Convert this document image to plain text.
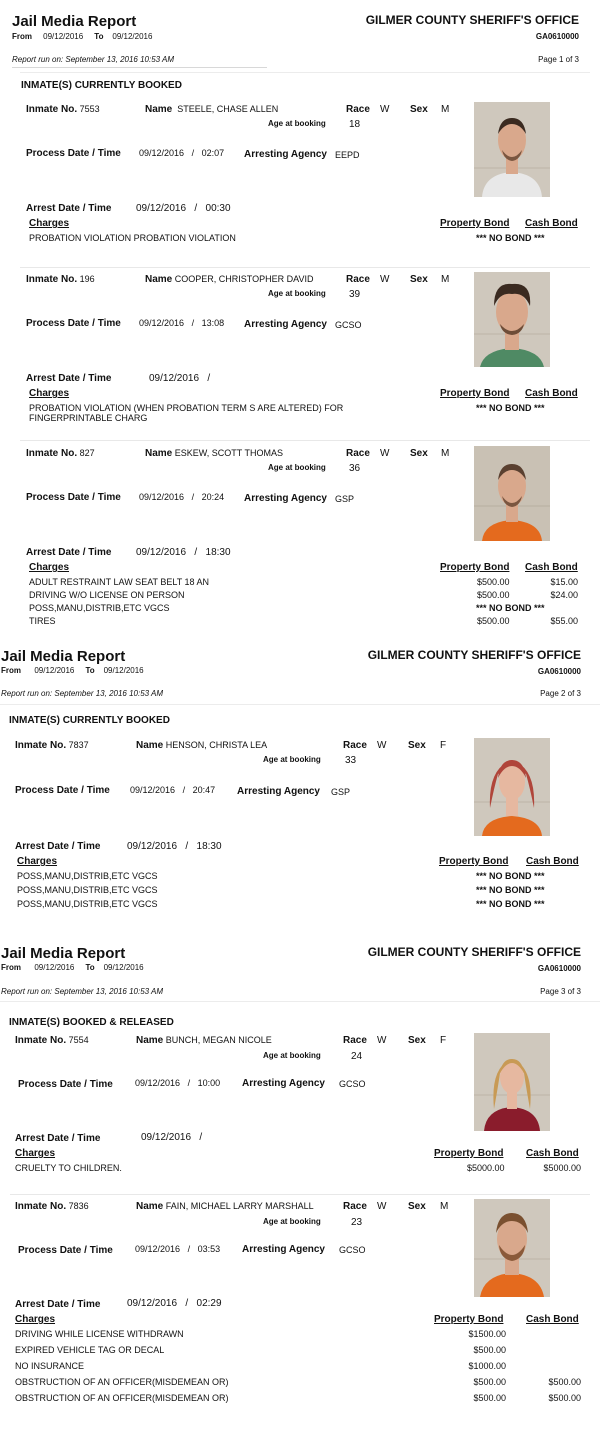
Jail Media Report
From 09/12/2016 To 09/12/2016
GILMER COUNTY SHERIFF'S OFFICE
GA0610000
Report run on: September 13, 2016 10:53 AM	Page 1 of 3
INMATE(S) CURRENTLY BOOKED
Inmate No. 7553	Name STEELE, CHASE ALLEN	Race W Sex M
Age at booking 18
Process Date / Time 09/12/2016 / 02:07 Arresting Agency EEPD
Arrest Date / Time 09/12/2016 / 00:30
Charges	Property Bond Cash Bond
PROBATION VIOLATION PROBATION VIOLATION	*** NO BOND ***
Inmate No. 196	Name COOPER, CHRISTOPHER DAVID	Race W Sex M
Age at booking 39
Process Date / Time 09/12/2016 / 13:08 Arresting Agency GCSO
Arrest Date / Time	09/12/2016 /
Charges	Property Bond Cash Bond
PROBATION VIOLATION (WHEN PROBATION TERM S ARE ALTERED) FOR	*** NO BOND ***
FINGERPRINTABLE CHARG
Inmate No. 827	Name ESKEW, SCOTT THOMAS	Race W Sex M
Age at booking 36
Process Date / Time 09/12/2016 / 20:24 Arresting Agency GSP
Arrest Date / Time 09/12/2016 / 18:30
Charges	Property Bond Cash Bond
ADULT RESTRAINT LAW SEAT BELT 18 AN	$500.00	$15.00
DRIVING W/O LICENSE ON PERSON	$500.00	$24.00
POSS,MANU,DISTRIB,ETC VGCS	*** NO BOND ***
TIRES	$500.00	$55.00
Jail Media Report
From 09/12/2016 To 09/12/2016
GILMER COUNTY SHERIFF'S OFFICE
GA0610000
Report run on: September 13, 2016 10:53 AM	Page 2 of 3
INMATE(S) CURRENTLY BOOKED
Inmate No. 7837	Name HENSON, CHRISTA LEA	Race W Sex F
Age at booking 33
Process Date / Time 09/12/2016 / 20:47 Arresting Agency GSP
Arrest Date / Time	09/12/2016 / 18:30
Charges	Property Bond Cash Bond
POSS,MANU,DISTRIB,ETC VGCS	*** NO BOND ***
POSS,MANU,DISTRIB,ETC VGCS	*** NO BOND ***
POSS,MANU,DISTRIB,ETC VGCS	*** NO BOND ***
Jail Media Report
From 09/12/2016 To 09/12/2016
GILMER COUNTY SHERIFF'S OFFICE
GA0610000
Report run on: September 13, 2016 10:53 AM	Page 3 of 3
INMATE(S) BOOKED & RELEASED
Inmate No. 7554	Name BUNCH, MEGAN NICOLE	Race W Sex F
Age at booking	24
Process Date / Time 09/12/2016 / 10:00 Arresting Agency GCSO
Arrest Date / Time	09/12/2016 /
Charges	Property Bond Cash Bond
CRUELTY TO CHILDREN.	$5000.00	$5000.00
Inmate No. 7836	Name FAIN, MICHAEL LARRY MARSHALL	Race W Sex M
Age at booking	23
Process Date / Time 09/12/2016 / 03:53 Arresting Agency GCSO
Arrest Date / Time	09/12/2016 / 02:29
Charges	Property Bond Cash Bond
DRIVING WHILE LICENSE WITHDRAWN	$1500.00
EXPIRED VEHICLE TAG OR DECAL	$500.00
NO INSURANCE	$1000.00
OBSTRUCTION OF AN OFFICER(MISDEMEAN OR)	$500.00	$500.00
OBSTRUCTION OF AN OFFICER(MISDEMEAN OR)	$500.00	$500.00
